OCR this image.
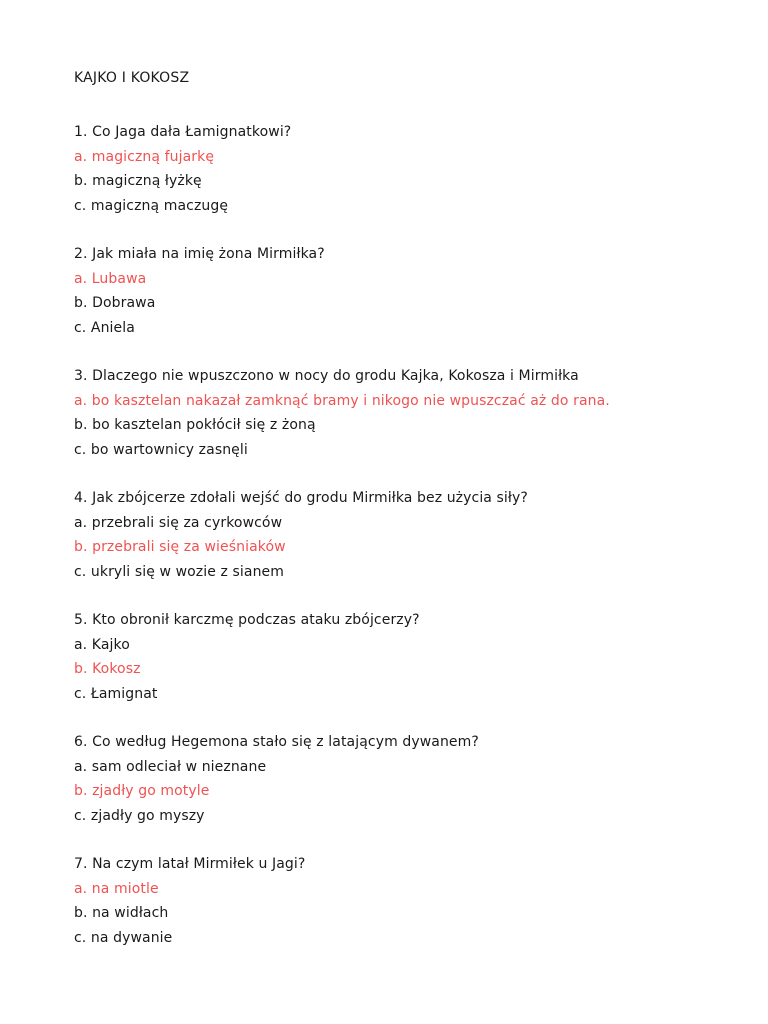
KAJKO I KOKOSZ
1. Co Jaga dała Łamignatkowi?
a. magiczną fujarkę
b. magiczną łyżkę
c. magiczną maczugę
2. Jak miała na imię żona Mirmiłka?
a. Lubawa
b. Dobrawa
c. Aniela
3. Dlaczego nie wpuszczono w nocy do grodu Kajka, Kokosza i Mirmiłka
a. bo kasztelan nakazał zamknąć bramy i nikogo nie wpuszczać aż do rana.
b. bo kasztelan pokłócił się z żoną
c. bo wartownicy zasnęli
4. Jak zbójcerze zdołali wejść do grodu Mirmiłka bez użycia siły?
a. przebrali się za cyrkowców
b. przebrali się za wieśniaków
c. ukryli się w wozie z sianem
5. Kto obronił karczmę podczas ataku zbójcerzy?
a. Kajko
b. Kokosz
c. Łamignat
6. Co według Hegemona stało się z latającym dywanem?
a. sam odleciał w nieznane
b. zjadły go motyle
c. zjadły go myszy
7. Na czym latał Mirmiłek u Jagi?
a. na miotle
b. na widłach
c. na dywanie
